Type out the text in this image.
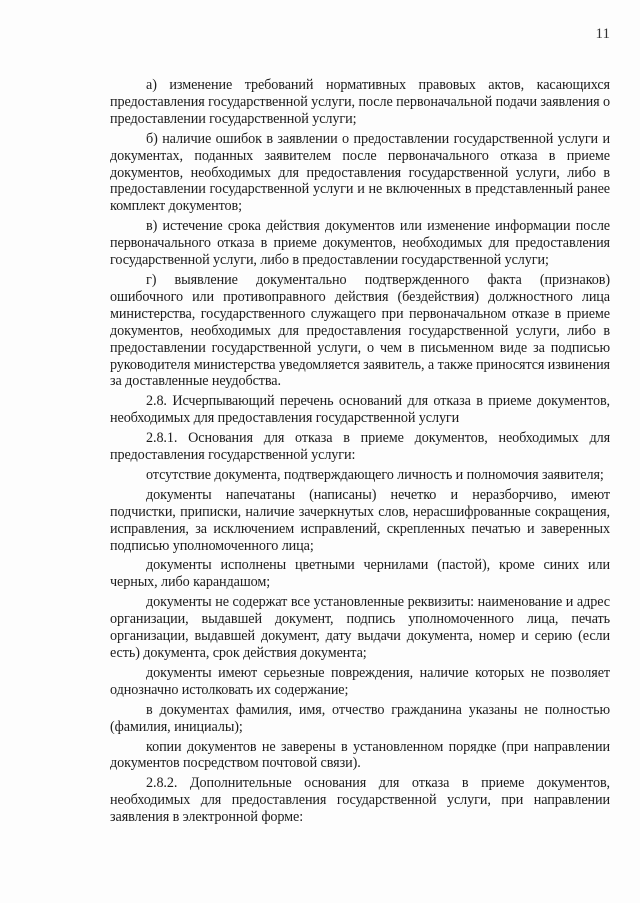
11

а) изменение требований нормативных правовых актов, касающихся предоставления государственной услуги, после первоначальной подачи заявления о предоставлении государственной услуги;

б) наличие ошибок в заявлении о предоставлении государственной услуги и документах, поданных заявителем после первоначального отказа в приеме документов, необходимых для предоставления государственной услуги, либо в предоставлении государственной услуги и не включенных в представленный ранее комплект документов;

в) истечение срока действия документов или изменение информации после первоначального отказа в приеме документов, необходимых для предоставления государственной услуги, либо в предоставлении государственной услуги;

г) выявление документально подтвержденного факта (признаков) ошибочного или противоправного действия (бездействия) должностного лица министерства, государственного служащего при первоначальном отказе в приеме документов, необходимых для предоставления государственной услуги, либо в предоставлении государственной услуги, о чем в письменном виде за подписью руководителя министерства уведомляется заявитель, а также приносятся извинения за доставленные неудобства.

2.8. Исчерпывающий перечень оснований для отказа в приеме документов, необходимых для предоставления государственной услуги

2.8.1. Основания для отказа в приеме документов, необходимых для предоставления государственной услуги:

отсутствие документа, подтверждающего личность и полномочия заявителя;

документы напечатаны (написаны) нечетко и неразборчиво, имеют подчистки, приписки, наличие зачеркнутых слов, нерасшифрованные сокращения, исправления, за исключением исправлений, скрепленных печатью и заверенных подписью уполномоченного лица;

документы исполнены цветными чернилами (пастой), кроме синих или черных, либо карандашом;

документы не содержат все установленные реквизиты: наименование и адрес организации, выдавшей документ, подпись уполномоченного лица, печать организации, выдавшей документ, дату выдачи документа, номер и серию (если есть) документа, срок действия документа;

документы имеют серьезные повреждения, наличие которых не позволяет однозначно истолковать их содержание;

в документах фамилия, имя, отчество гражданина указаны не полностью (фамилия, инициалы);

копии документов не заверены в установленном порядке (при направлении документов посредством почтовой связи).

2.8.2. Дополнительные основания для отказа в приеме документов, необходимых для предоставления государственной услуги, при направлении заявления в электронной форме:
